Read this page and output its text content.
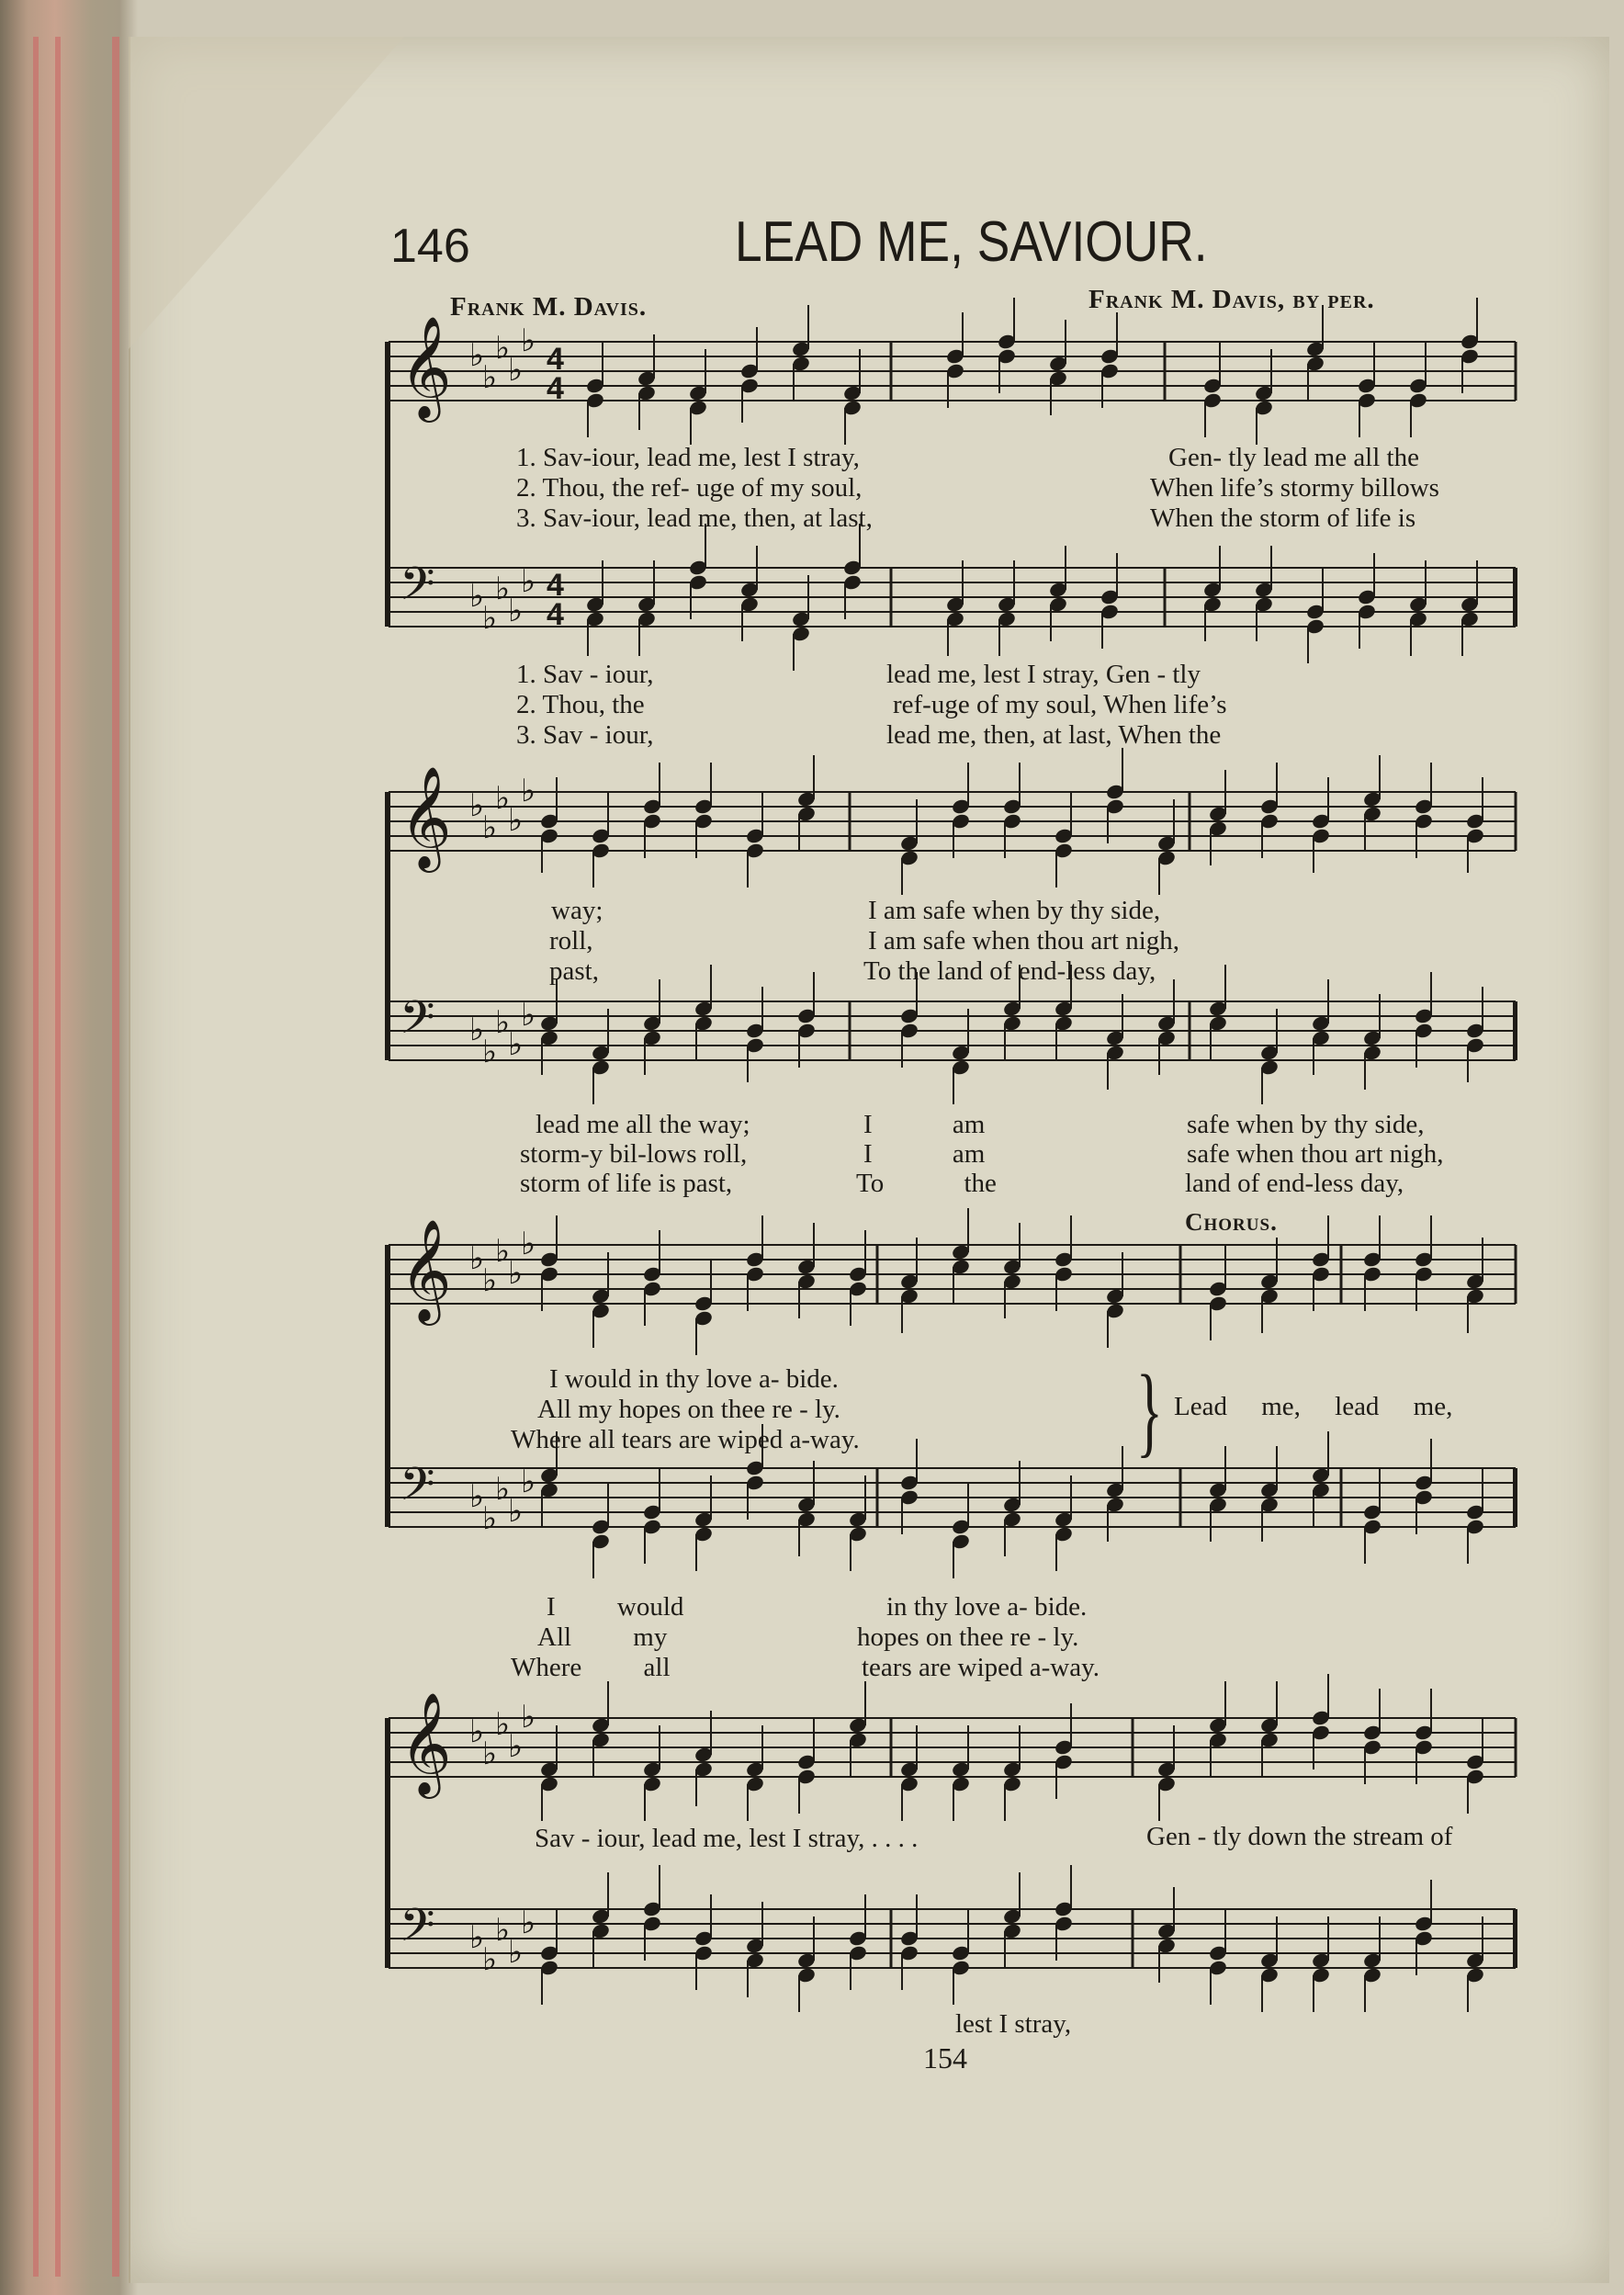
146	LEAD ME, SAVIOUR.
Frank M. Davis.	Frank M. Davis, by per.
𝄞 ♭
♭
♭
♭
♭ 4
4
𝄢 ♭
♭
♭
♭
♭ 4
4
𝄞 ♭
♭
♭
♭
♭
𝄢 ♭
♭
♭
♭
♭
𝄞 ♭
♭
♭
♭
♭
𝄢 ♭
♭
♭
♭
♭
𝄞 ♭
♭
♭
♭
♭
𝄢 ♭
♭
♭
♭
♭
1. Sav-iour, lead me, lest I stray,
2. Thou, the ref- uge of my soul,
3. Sav-iour, lead me, then, at last,
Gen- tly lead me all the
When life’s stormy billows
When the storm of life is
1. Sav - iour,
2. Thou, the
3. Sav - iour,
lead me, lest I stray, Gen - tly
ref-uge of my soul, When life’s
lead me, then, at last, When the
way;
roll,
past,
I am safe when by thy side,
I am safe when thou art nigh,
To the land of end-less day,
lead me all the way;
storm-y bil-lows roll,
storm of life is past,
I am
I am
To the
safe when by thy side,
safe when thou art nigh,
land of end-less day,
Chorus.
I would in thy love a- bide.
All my hopes on thee re - ly.
Where all tears are wiped a-way.	} Lead me, lead me,
I would
All my
Where all
in thy love a- bide.
hopes on thee re - ly.
tears are wiped a-way.
Sav - iour, lead me, lest I stray, . . . .	Gen - tly down the stream of
lest I stray,
154
